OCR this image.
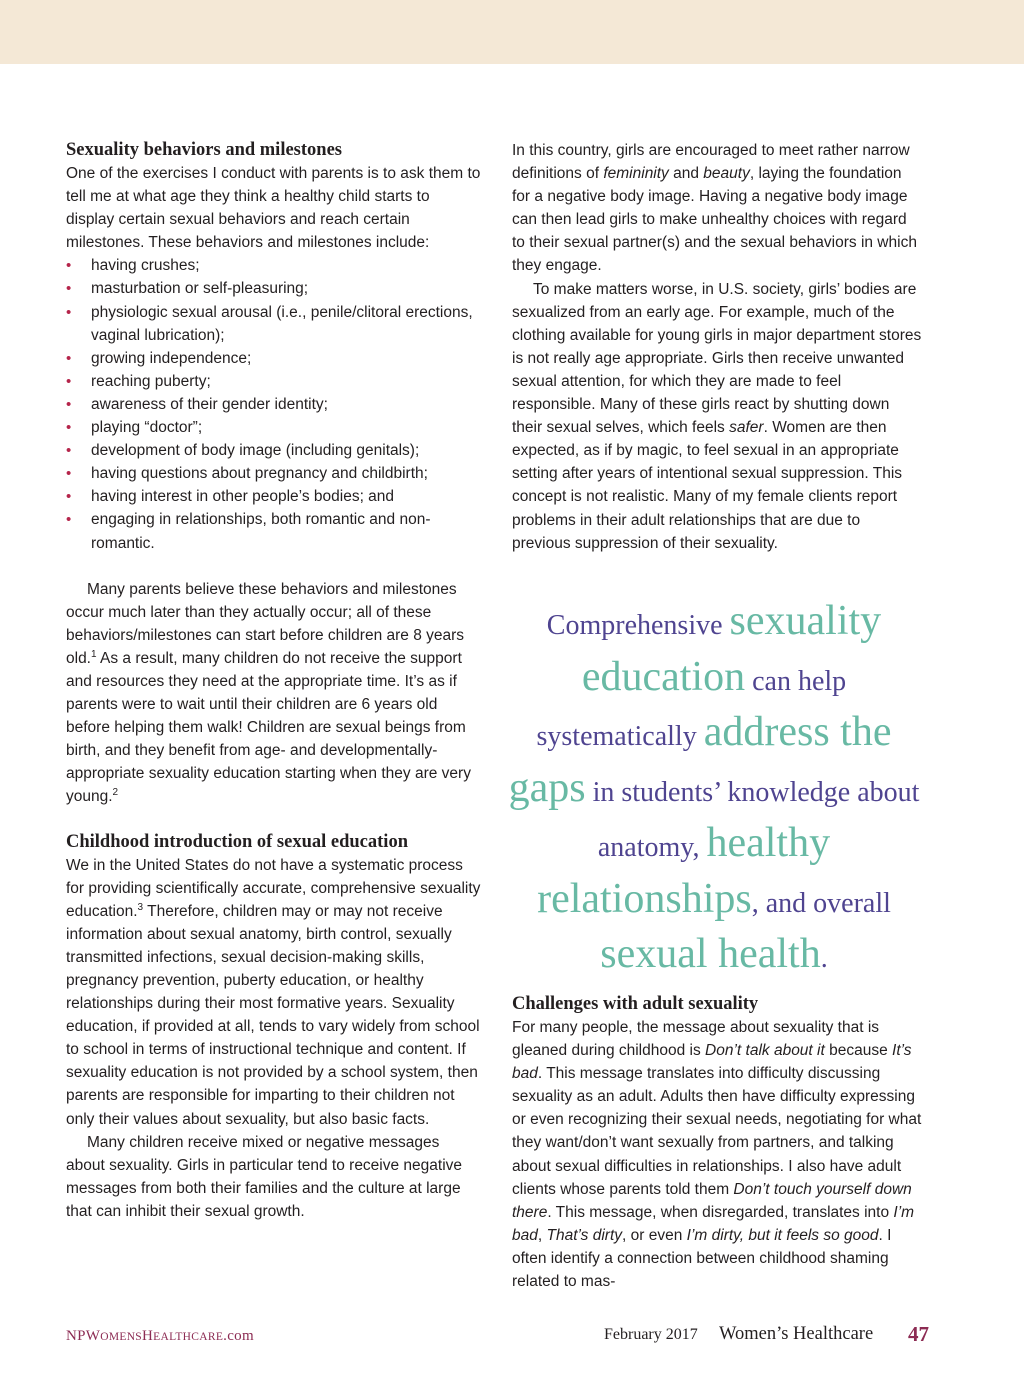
Sexuality behaviors and milestones

One of the exercises I conduct with parents is to ask them to tell me at what age they think a healthy child starts to display certain sexual behaviors and reach certain milestones. These behaviors and milestones include:

• having crushes;
• masturbation or self-pleasuring;
• physiologic sexual arousal (i.e., penile/clitoral erections, vaginal lubrication);
• growing independence;
• reaching puberty;
• awareness of their gender identity;
• playing “doctor”;
• development of body image (including genitals);
• having questions about pregnancy and childbirth;
• having interest in other people’s bodies; and
• engaging in relationships, both romantic and non-romantic.

Many parents believe these behaviors and milestones occur much later than they actually occur; all of these behaviors/milestones can start before children are 8 years old.$^1$ As a result, many children do not receive the support and resources they need at the appropriate time. It’s as if parents were to wait until their children are 6 years old before helping them walk! Children are sexual beings from birth, and they benefit from age- and developmentally-appropriate sexuality education starting when they are very young.$^2$

Childhood introduction of sexual education

We in the United States do not have a systematic process for providing scientifically accurate, comprehensive sexuality education.$^3$ Therefore, children may or may not receive information about sexual anatomy, birth control, sexually transmitted infections, sexual decision-making skills, pregnancy prevention, puberty education, or healthy relationships during their most formative years. Sexuality education, if provided at all, tends to vary widely from school to school in terms of instructional technique and content. If sexuality education is not provided by a school system, then parents are responsible for imparting to their children not only their values about sexuality, but also basic facts.

Many children receive mixed or negative messages about sexuality. Girls in particular tend to receive negative messages from both their families and the culture at large that can inhibit their sexual growth.

In this country, girls are encouraged to meet rather narrow definitions of femininity and beauty, laying the foundation for a negative body image. Having a negative body image can then lead girls to make unhealthy choices with regard to their sexual partner(s) and the sexual behaviors in which they engage.

To make matters worse, in U.S. society, girls’ bodies are sexualized from an early age. For example, much of the clothing available for young girls in major department stores is not really age appropriate. Girls then receive unwanted sexual attention, for which they are made to feel responsible. Many of these girls react by shutting down their sexual selves, which feels safer. Women are then expected, as if by magic, to feel sexual in an appropriate setting after years of intentional sexual suppression. This concept is not realistic. Many of my female clients report problems in their adult relationships that are due to previous suppression of their sexuality.

Comprehensive sexuality education can help systematically address the gaps in students’ knowledge about anatomy, healthy relationships, and overall sexual health.
Challenges with adult sexuality

For many people, the message about sexuality that is gleaned during childhood is Don’t talk about it because It’s bad. This message translates into difficulty discussing sexuality as an adult. Adults then have difficulty expressing or even recognizing their sexual needs, negotiating for what they want/don’t want sexually from partners, and talking about sexual difficulties in relationships. I also have adult clients whose parents told them Don’t touch yourself down there. This message, when disregarded, translates into I’m bad, That’s dirty, or even I’m dirty, but it feels so good. I often identify a connection between childhood shaming related to mas-

NPWOMENSHEALTHCARE.com	February 2017 Women’s Healthcare 47
